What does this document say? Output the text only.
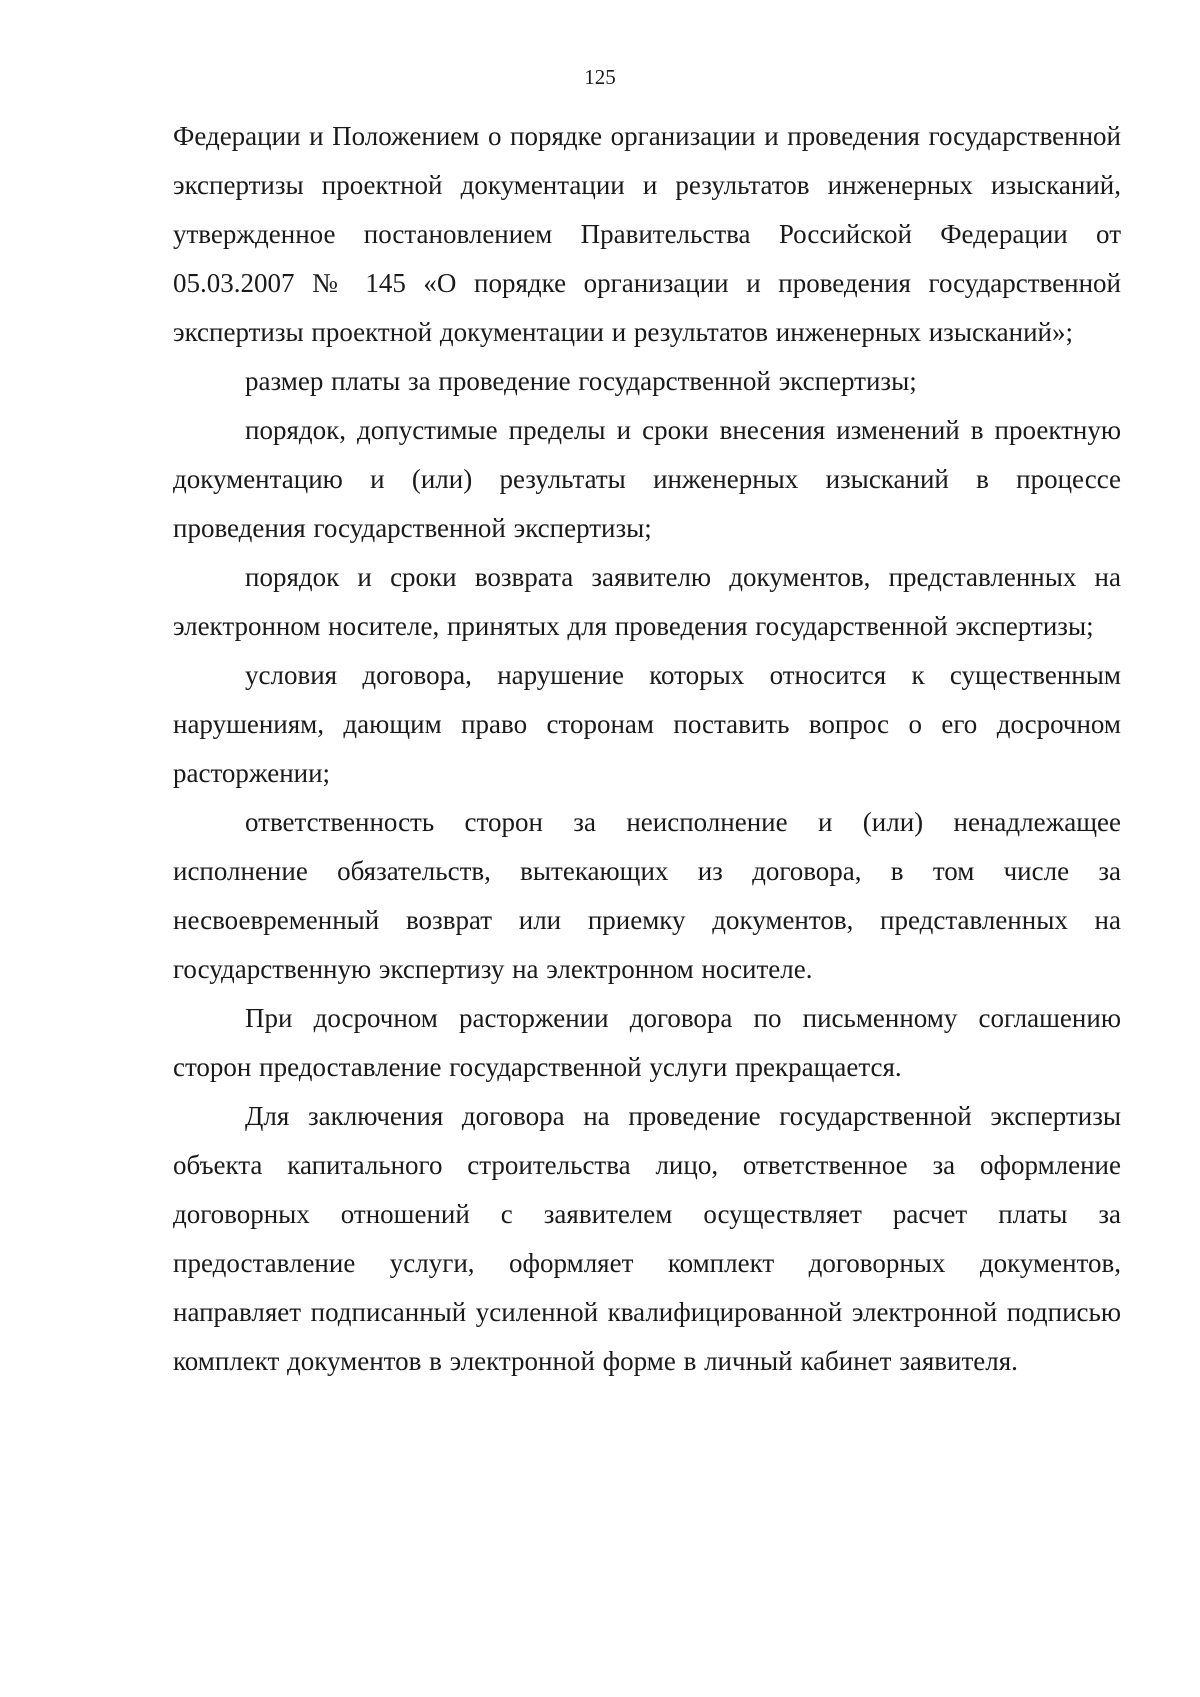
125

Федерации и Положением о порядке организации и проведения государственной экспертизы проектной документации и результатов инженерных изысканий, утвержденное постановлением Правительства Российской Федерации от 05.03.2007 № 145 «О порядке организации и проведения государственной экспертизы проектной документации и результатов инженерных изысканий»;

размер платы за проведение государственной экспертизы;

порядок, допустимые пределы и сроки внесения изменений в проектную документацию и (или) результаты инженерных изысканий в процессе проведения государственной экспертизы;

порядок и сроки возврата заявителю документов, представленных на электронном носителе, принятых для проведения государственной экспертизы;

условия договора, нарушение которых относится к существенным нарушениям, дающим право сторонам поставить вопрос о его досрочном расторжении;

ответственность сторон за неисполнение и (или) ненадлежащее исполнение обязательств, вытекающих из договора, в том числе за несвоевременный возврат или приемку документов, представленных на государственную экспертизу на электронном носителе.

При досрочном расторжении договора по письменному соглашению сторон предоставление государственной услуги прекращается.

Для заключения договора на проведение государственной экспертизы объекта капитального строительства лицо, ответственное за оформление договорных отношений с заявителем осуществляет расчет платы за предоставление услуги, оформляет комплект договорных документов, направляет подписанный усиленной квалифицированной электронной подписью комплект документов в электронной форме в личный кабинет заявителя.
